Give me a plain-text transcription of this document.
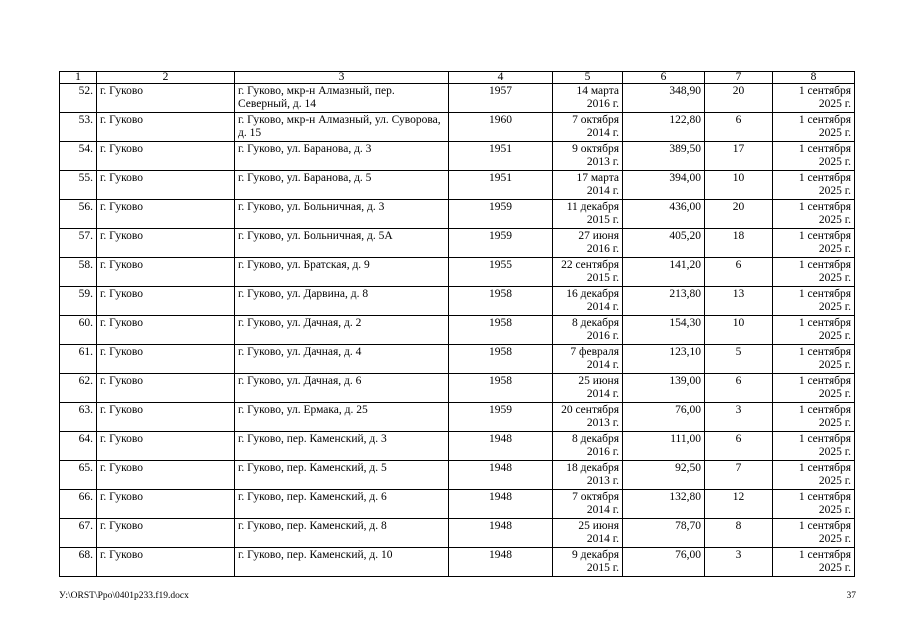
1	2	3	4	5	6	7	8
52.	г. Гуково	г. Гуково, мкр-н Алмазный, пер. Северный, д. 14	1957	14 марта 2016 г.	348,90	20	1 сентября 2025 г.
53.	г. Гуково	г. Гуково, мкр-н Алмазный, ул. Суворова, д. 15	1960	7 октября 2014 г.	122,80	6	1 сентября 2025 г.
54.	г. Гуково	г. Гуково, ул. Баранова, д. 3	1951	9 октября 2013 г.	389,50	17	1 сентября 2025 г.
55.	г. Гуково	г. Гуково, ул. Баранова, д. 5	1951	17 марта 2014 г.	394,00	10	1 сентября 2025 г.
56.	г. Гуково	г. Гуково, ул. Больничная, д. 3	1959	11 декабря 2015 г.	436,00	20	1 сентября 2025 г.
57.	г. Гуково	г. Гуково, ул. Больничная, д. 5А	1959	27 июня 2016 г.	405,20	18	1 сентября 2025 г.
58.	г. Гуково	г. Гуково, ул. Братская, д. 9	1955	22 сентября 2015 г.	141,20	6	1 сентября 2025 г.
59.	г. Гуково	г. Гуково, ул. Дарвина, д. 8	1958	16 декабря 2014 г.	213,80	13	1 сентября 2025 г.
60.	г. Гуково	г. Гуково, ул. Дачная, д. 2	1958	8 декабря 2016 г.	154,30	10	1 сентября 2025 г.
61.	г. Гуково	г. Гуково, ул. Дачная, д. 4	1958	7 февраля 2014 г.	123,10	5	1 сентября 2025 г.
62.	г. Гуково	г. Гуково, ул. Дачная, д. 6	1958	25 июня 2014 г.	139,00	6	1 сентября 2025 г.
63.	г. Гуково	г. Гуково, ул. Ермака, д. 25	1959	20 сентября 2013 г.	76,00	3	1 сентября 2025 г.
64.	г. Гуково	г. Гуково, пер. Каменский, д. 3	1948	8 декабря 2016 г.	111,00	6	1 сентября 2025 г.
65.	г. Гуково	г. Гуково, пер. Каменский, д. 5	1948	18 декабря 2013 г.	92,50	7	1 сентября 2025 г.
66.	г. Гуково	г. Гуково, пер. Каменский, д. 6	1948	7 октября 2014 г.	132,80	12	1 сентября 2025 г.
67.	г. Гуково	г. Гуково, пер. Каменский, д. 8	1948	25 июня 2014 г.	78,70	8	1 сентября 2025 г.
68.	г. Гуково	г. Гуково, пер. Каменский, д. 10	1948	9 декабря 2015 г.	76,00	3	1 сентября 2025 г.
У:\ORST\Ppo\0401p233.f19.docx	37
